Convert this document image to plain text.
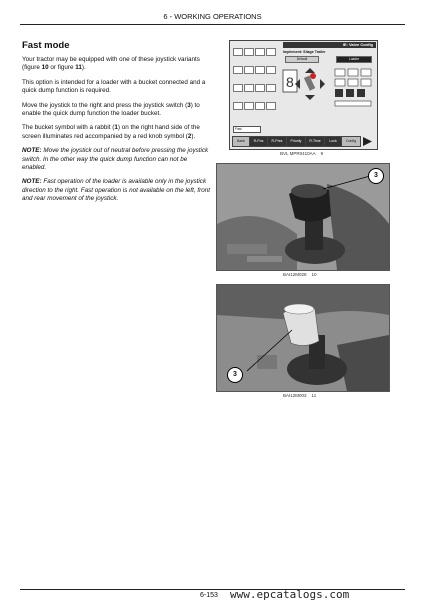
6 - WORKING OPERATIONS
Fast mode

Your tractor may be equipped with one of these joystick variants (figure 10 or figure 11).

This option is intended for a loader with a bucket connected and a quick dump function is required.

Move the joystick to the right and press the joystick switch (3) to enable the quick dump function the loader bucket.

The bucket symbol with a rabbit (1) on the right hand side of the screen illuminates red accompanied by a red knob symbol (2).

NOTE: Move the joystick out of neutral before pressing the joystick switch. In the other way the quick dump function can not be enabled.

NOTE: Fast operation of the loader is available only in the joystick direction to the right. Fast operation is not available on the left, front and rear movement of the joystick.

IE: Valve Config
Implement: Silage Trailer
Default	Loader
8
Fast
Back	R-Pos	R-Pres	Priority	R-Time	Lock	Config
BVL MPR0410AA 9
3
BAI12M028 10
3
BAI12M003 11
6-153 www.epcatalogs.com
